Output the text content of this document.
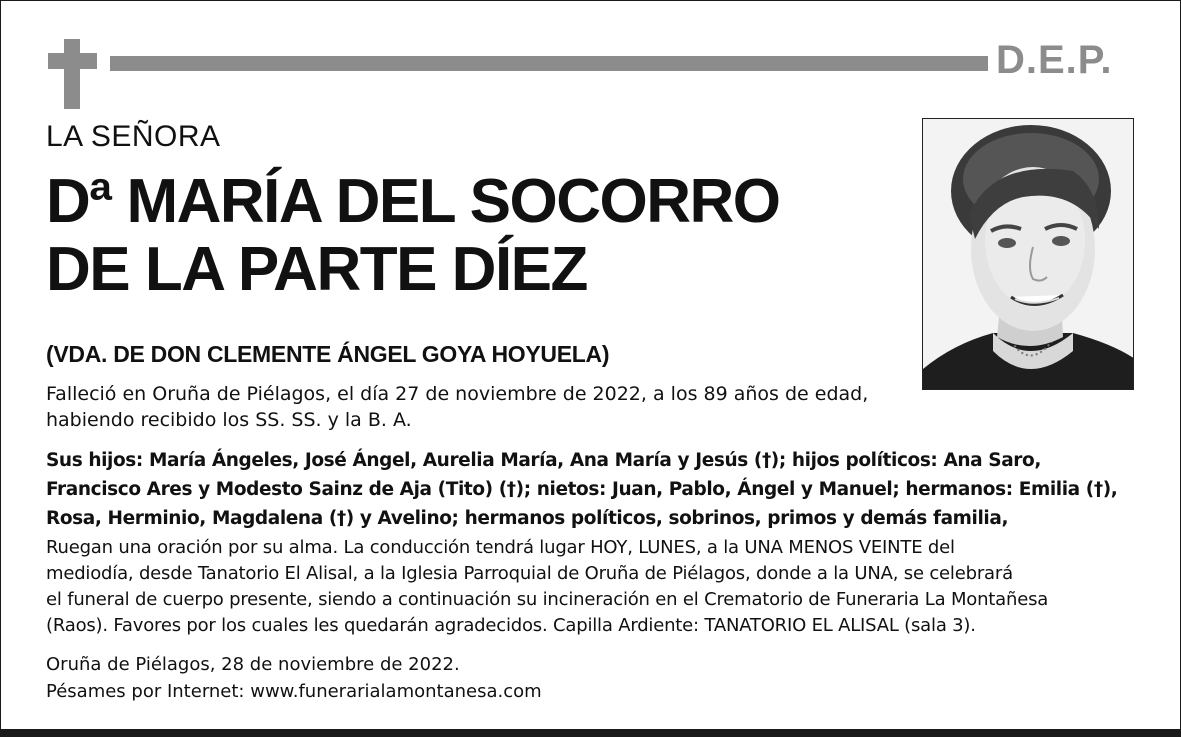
D.E.P.
LA SEÑORA
Dª MARÍA DEL SOCORRO
DE LA PARTE DÍEZ
(VDA. DE DON CLEMENTE ÁNGEL GOYA HOYUELA)
Falleció en Oruña de Piélagos, el día 27 de noviembre de 2022, a los 89 años de edad,
habiendo recibido los SS. SS. y la B. A.
Sus hijos: María Ángeles, José Ángel, Aurelia María, Ana María y Jesús (†); hijos políticos: Ana Saro,
Francisco Ares y Modesto Sainz de Aja (Tito) (†); nietos: Juan, Pablo, Ángel y Manuel; hermanos: Emilia (†),
Rosa, Herminio, Magdalena (†) y Avelino; hermanos políticos, sobrinos, primos y demás familia,
Ruegan una oración por su alma. La conducción tendrá lugar HOY, LUNES, a la UNA MENOS VEINTE del
mediodía, desde Tanatorio El Alisal, a la Iglesia Parroquial de Oruña de Piélagos, donde a la UNA, se celebrará
el funeral de cuerpo presente, siendo a continuación su incineración en el Crematorio de Funeraria La Montañesa
(Raos). Favores por los cuales les quedarán agradecidos. Capilla Ardiente: TANATORIO EL ALISAL (sala 3).
Oruña de Piélagos, 28 de noviembre de 2022.
Pésames por Internet: www.funerarialamontanesa.com
